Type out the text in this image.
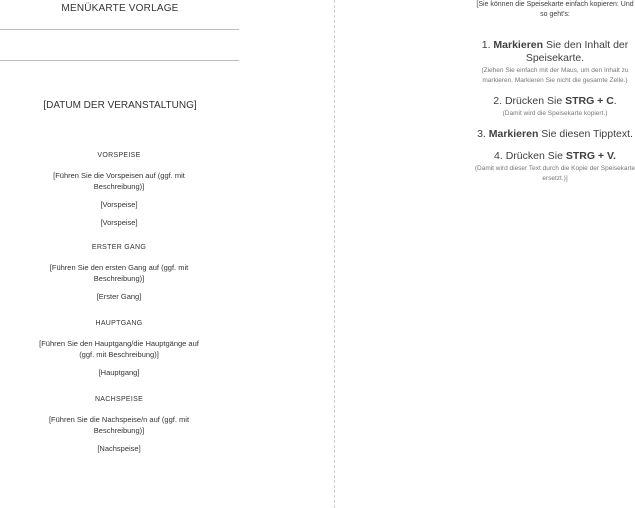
MENÜKARTE VORLAGE
[DATUM DER VERANSTALTUNG]
VORSPEISE

[Führen Sie die Vorspeisen auf (ggf. mit Beschreibung)]

[Vorspeise]

[Vorspeise]

ERSTER GANG

[Führen Sie den ersten Gang auf (ggf. mit Beschreibung)]

[Erster Gang]

HAUPTGANG

[Führen Sie den Hauptgang/die Hauptgänge auf (ggf. mit Beschreibung)]

[Hauptgang]

NACHSPEISE

[Führen Sie die Nachspeise/n auf (ggf. mit Beschreibung)]

[Nachspeise]

[Sie können die Speisekarte einfach kopieren: Und so geht's:

1. Markieren Sie den Inhalt der Speisekarte.

(Ziehen Sie einfach mit der Maus, um den Inhalt zu markieren. Markieren Sie nicht die gesamte Zelle.)

2. Drücken Sie STRG + C.

(Damit wird die Speisekarte kopiert.)

3. Markieren Sie diesen Tipptext.

4. Drücken Sie STRG + V.

(Damit wird dieser Text durch die Kopie der Speisekarte ersetzt.)]
